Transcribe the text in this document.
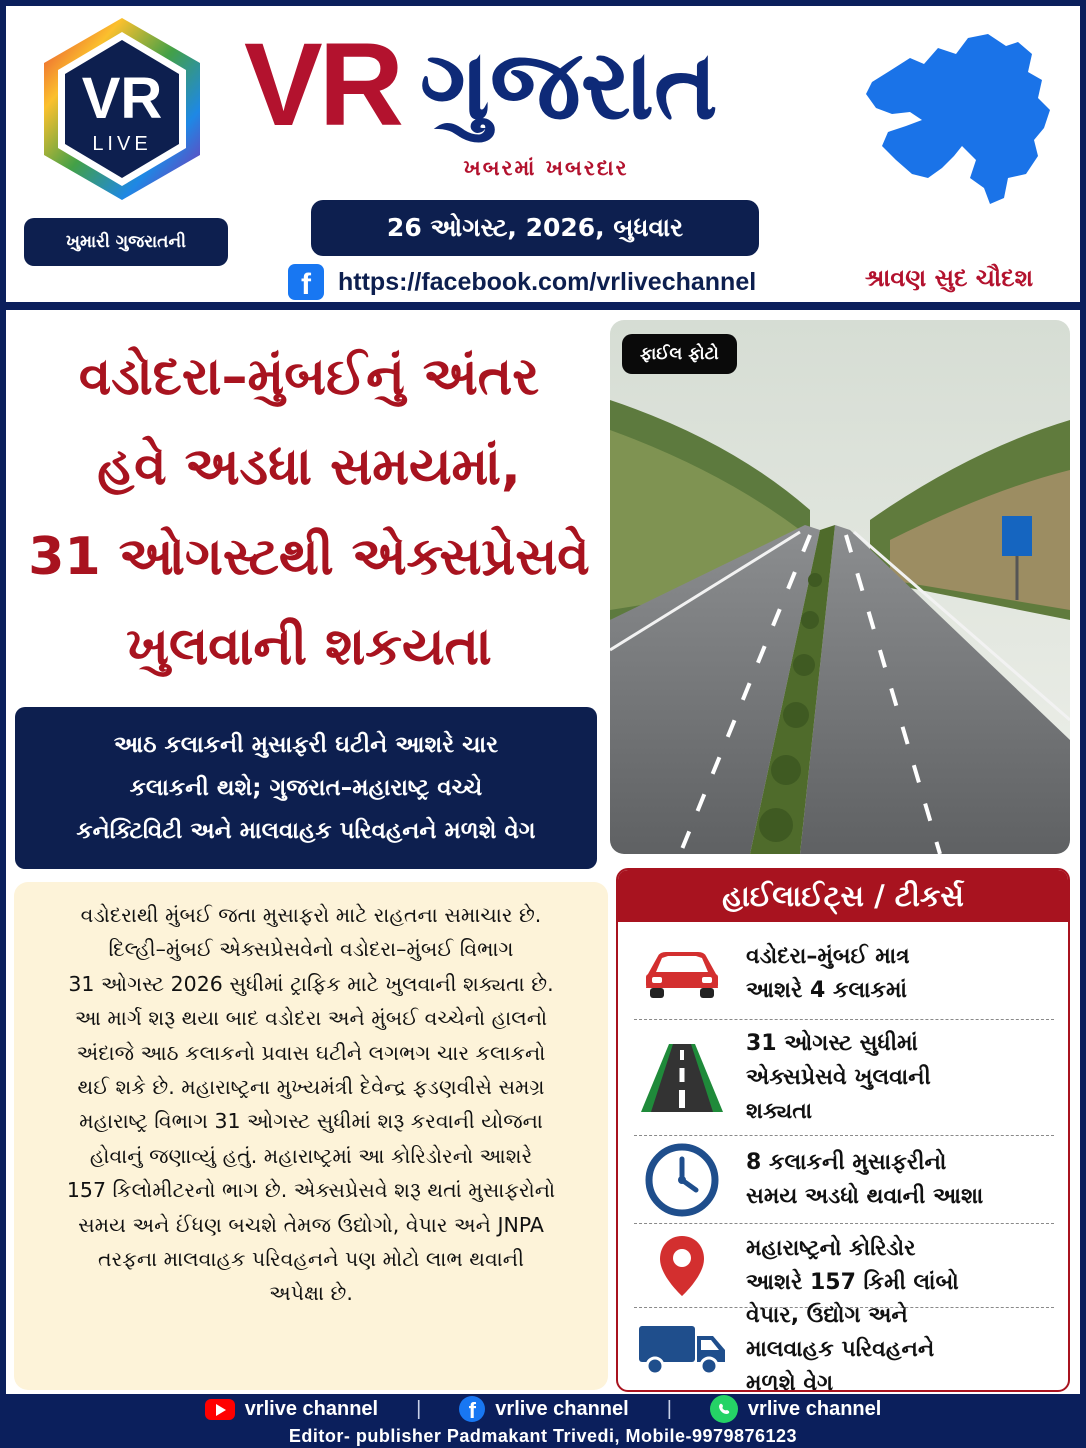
VR
LIVE
ખુમારી ગુજરાતની
VR ગુજરાત
ખબરમાં ખબરદાર
26 ઓગસ્ટ, 2026, બુધવાર
f	https://facebook.com/vrlivechannel	શ્રાવણ સુદ ચૌદશ
વડોદરા–મુંબઈનું અંતર
હવે અડધા સમયમાં,
31 ઓગસ્ટથી એક્સપ્રેસવે
ખુલવાની શકયતા
આઠ કલાકની મુસાફરી ઘટીને આશરે ચાર
કલાકની થશે; ગુજરાત–મહારાષ્ટ્ર વચ્ચે
કનેક્ટિવિટી અને માલવાહક પરિવહનને મળશે વેગ
ફાઈલ ફોટો
વડોદરાથી મુંબઈ જતા મુસાફરો માટે રાહતના સમાચાર છે.
દિલ્હી–મુંબઈ એક્સપ્રેસવેનો વડોદરા–મુંબઈ વિભાગ
31 ઓગસ્ટ 2026 સુધીમાં ટ્રાફિક માટે ખુલવાની શક્યતા છે.
આ માર્ગ શરૂ થયા બાદ વડોદરા અને મુંબઈ વચ્ચેનો હાલનો
અંદાજે આઠ કલાકનો પ્રવાસ ઘટીને લગભગ ચાર કલાકનો
થઈ શકે છે. મહારાષ્ટ્રના મુખ્યમંત્રી દેવેન્દ્ર ફડણવીસે સમગ્ર
મહારાષ્ટ્ર વિભાગ 31 ઓગસ્ટ સુધીમાં શરૂ કરવાની યોજના
હોવાનું જણાવ્યું હતું. મહારાષ્ટ્રમાં આ કોરિડોરનો આશરે
157 કિલોમીટરનો ભાગ છે. એક્સપ્રેસવે શરૂ થતાં મુસાફરોનો
સમય અને ઈંધણ બચશે તેમજ ઉદ્યોગો, વેપાર અને JNPA
તરફના માલવાહક પરિવહનને પણ મોટો લાભ થવાની
અપેક્ષા છે.
હાઈલાઈટ્સ / ટીકર્સ
વડોદરા–મુંબઈ માત્ર
આશરે 4 કલાકમાં
31 ઓગસ્ટ સુધીમાં
એક્સપ્રેસવે ખુલવાની
શક્યતા
8 કલાકની મુસાફરીનો
સમય અડધો થવાની આશા
મહારાષ્ટ્રનો કોરિડોર
આશરે 157 કિમી લાંબો
વેપાર, ઉદ્યોગ અને
માલવાહક પરિવહનને
મળશે વેગ
vrlive channel |	f vrlive channel |	vrlive channel
Editor- publisher Padmakant Trivedi, Mobile-9979876123
